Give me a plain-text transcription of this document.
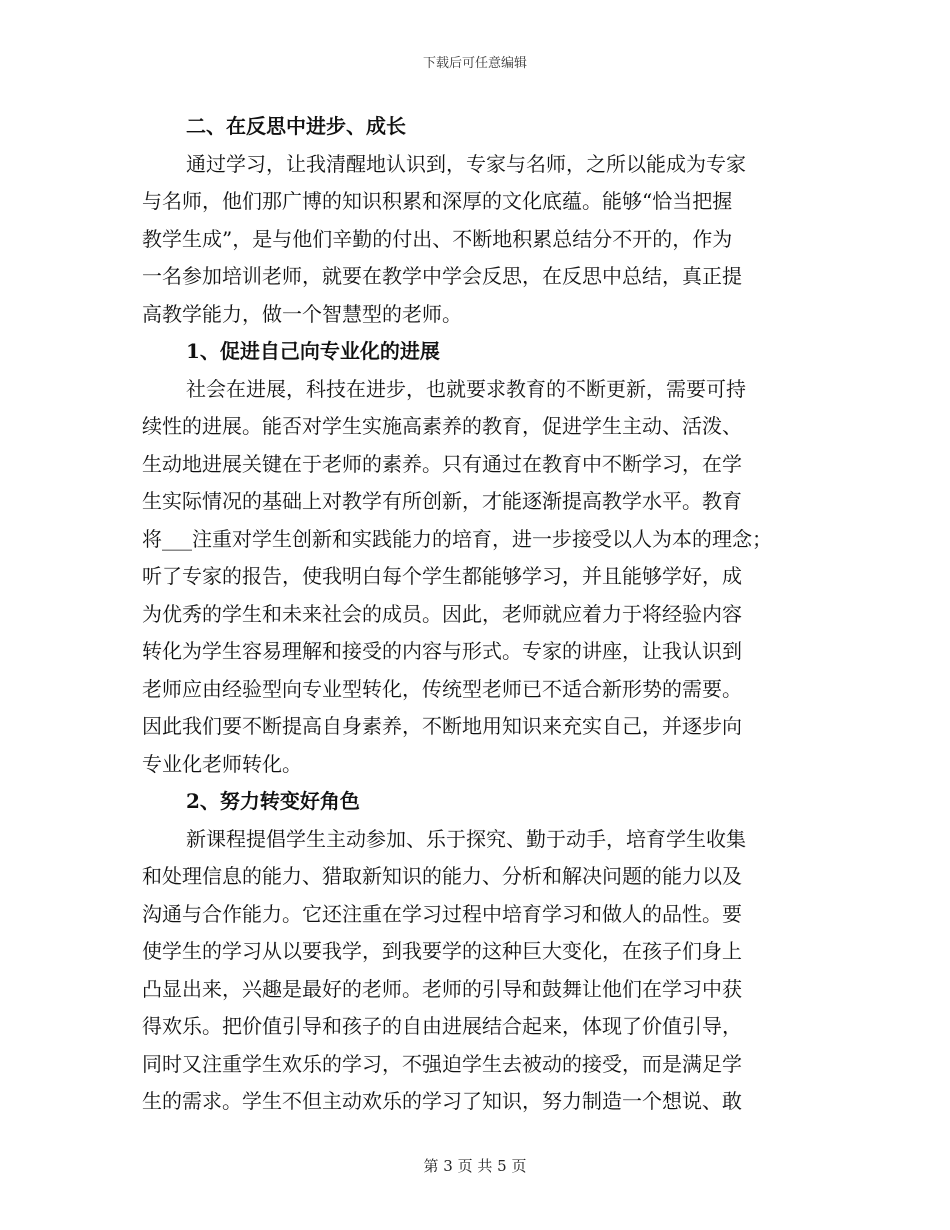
下载后可任意编辑
二、在反思中进步、成长
通过学习，让我清醒地认识到，专家与名师，之所以能成为专家
与名师，他们那广博的知识积累和深厚的文化底蕴。能够“恰当把握
教学生成”，是与他们辛勤的付出、不断地积累总结分不开的，作为
一名参加培训老师，就要在教学中学会反思，在反思中总结，真正提
高教学能力，做一个智慧型的老师。
1、促进自己向专业化的进展
社会在进展，科技在进步，也就要求教育的不断更新，需要可持
续性的进展。能否对学生实施高素养的教育，促进学生主动、活泼、
生动地进展关键在于老师的素养。只有通过在教育中不断学习，在学
生实际情况的基础上对教学有所创新，才能逐渐提高教学水平。教育
将___注重对学生创新和实践能力的培育，进一步接受以人为本的理念；
听了专家的报告，使我明白每个学生都能够学习，并且能够学好，成
为优秀的学生和未来社会的成员。因此，老师就应着力于将经验内容
转化为学生容易理解和接受的内容与形式。专家的讲座，让我认识到
老师应由经验型向专业型转化，传统型老师已不适合新形势的需要。
因此我们要不断提高自身素养，不断地用知识来充实自己，并逐步向
专业化老师转化。
2、努力转变好角色
新课程提倡学生主动参加、乐于探究、勤于动手，培育学生收集
和处理信息的能力、猎取新知识的能力、分析和解决问题的能力以及
沟通与合作能力。它还注重在学习过程中培育学习和做人的品性。要
使学生的学习从以要我学，到我要学的这种巨大变化，在孩子们身上
凸显出来，兴趣是最好的老师。老师的引导和鼓舞让他们在学习中获
得欢乐。把价值引导和孩子的自由进展结合起来，体现了价值引导，
同时又注重学生欢乐的学习，不强迫学生去被动的接受，而是满足学
生的需求。学生不但主动欢乐的学习了知识，努力制造一个想说、敢
第 3 页 共 5 页
